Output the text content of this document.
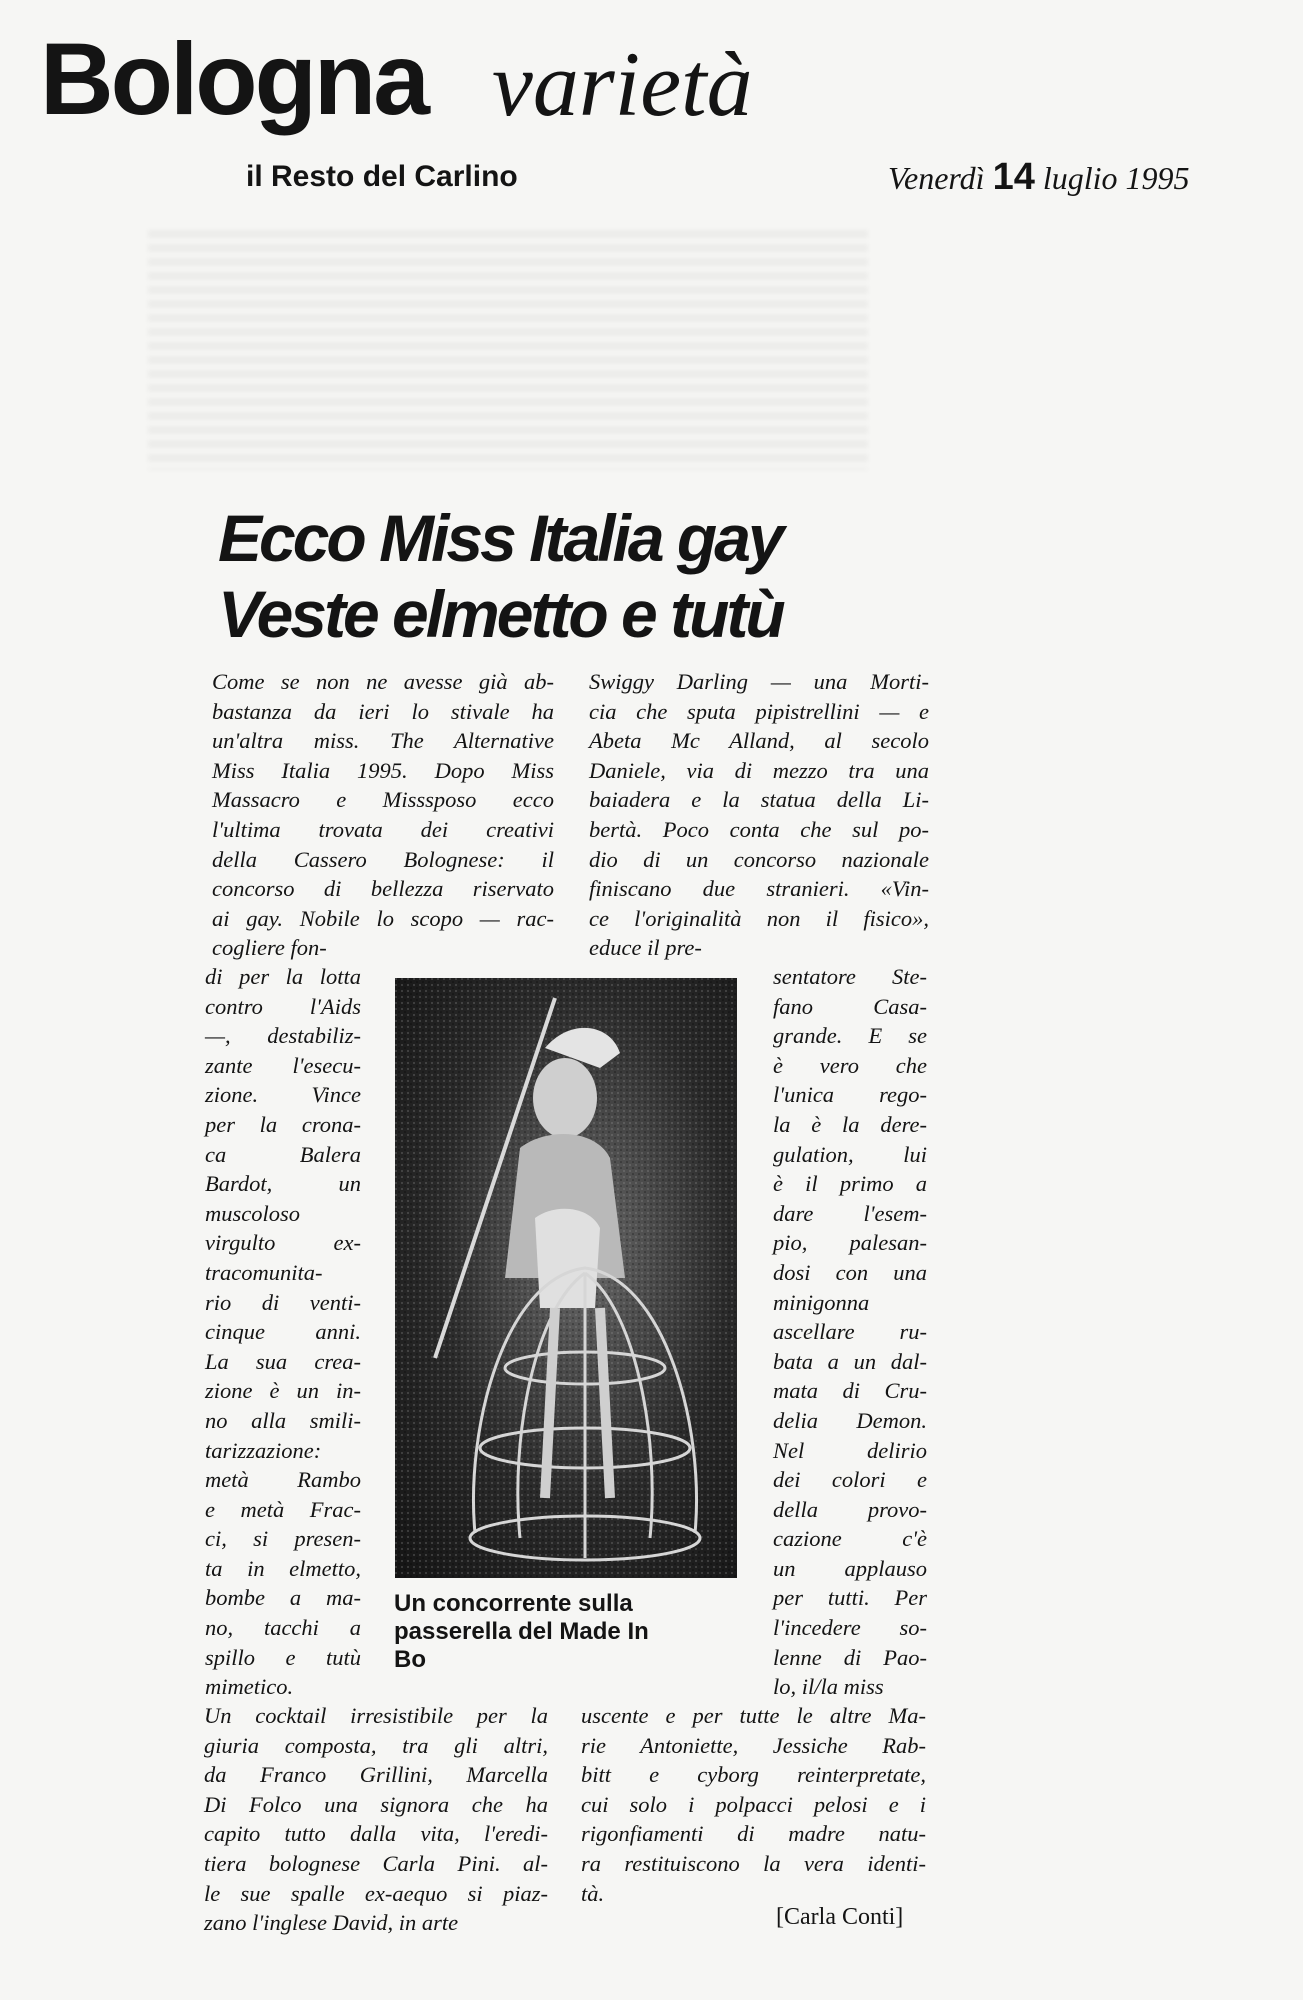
Bologna varietà
il Resto del Carlino	Venerdì 14 luglio 1995
Ecco Miss Italia gay
Veste elmetto e tutù
Come se non ne avesse già ab-
bastanza da ieri lo stivale ha
un'altra miss. The Alternative
Miss Italia 1995. Dopo Miss
Massacro e Misssposo ecco
l'ultima trovata dei creativi
della Cassero Bolognese: il
concorso di bellezza riservato
ai gay. Nobile lo scopo — rac-
cogliere fon-
di per la lotta
contro l'Aids
—, destabiliz-
zante l'esecu-
zione. Vince
per la crona-
ca Balera
Bardot, un
muscoloso
virgulto ex-
tracomunita-
rio di venti-
cinque anni.
La sua crea-
zione è un in-
no alla smili-
tarizzazione:
metà Rambo
e metà Frac-
ci, si presen-
ta in elmetto,
bombe a ma-
no, tacchi a
spillo e tutù
mimetico.
Un cocktail irresistibile per la
giuria composta, tra gli altri,
da Franco Grillini, Marcella
Di Folco una signora che ha
capito tutto dalla vita, l'eredi-
tiera bolognese Carla Pini. al-
le sue spalle ex-aequo si piaz-
zano l'inglese David, in arte
Swiggy Darling — una Morti-
cia che sputa pipistrellini — e
Abeta Mc Alland, al secolo
Daniele, via di mezzo tra una
baiadera e la statua della Li-
bertà. Poco conta che sul po-
dio di un concorso nazionale
finiscano due stranieri. «Vin-
ce l'originalità non il fisico»,
educe il pre-
sentatore Ste-
fano Casa-
grande. E se
è vero che
l'unica rego-
la è la dere-
gulation, lui
è il primo a
dare l'esem-
pio, palesan-
dosi con una
minigonna
ascellare ru-
bata a un dal-
mata di Cru-
delia Demon.
Nel delirio
dei colori e
della provo-
cazione c'è
un applauso
per tutti. Per
l'incedere so-
lenne di Pao-
lo, il/la miss
uscente e per tutte le altre Ma-
rie Antoniette, Jessiche Rab-
bitt e cyborg reinterpretate,
cui solo i polpacci pelosi e i
rigonfiamenti di madre natu-
ra restituiscono la vera identi-
tà.
Un concorrente sulla
passerella del Made In
Bo
[Carla Conti]
